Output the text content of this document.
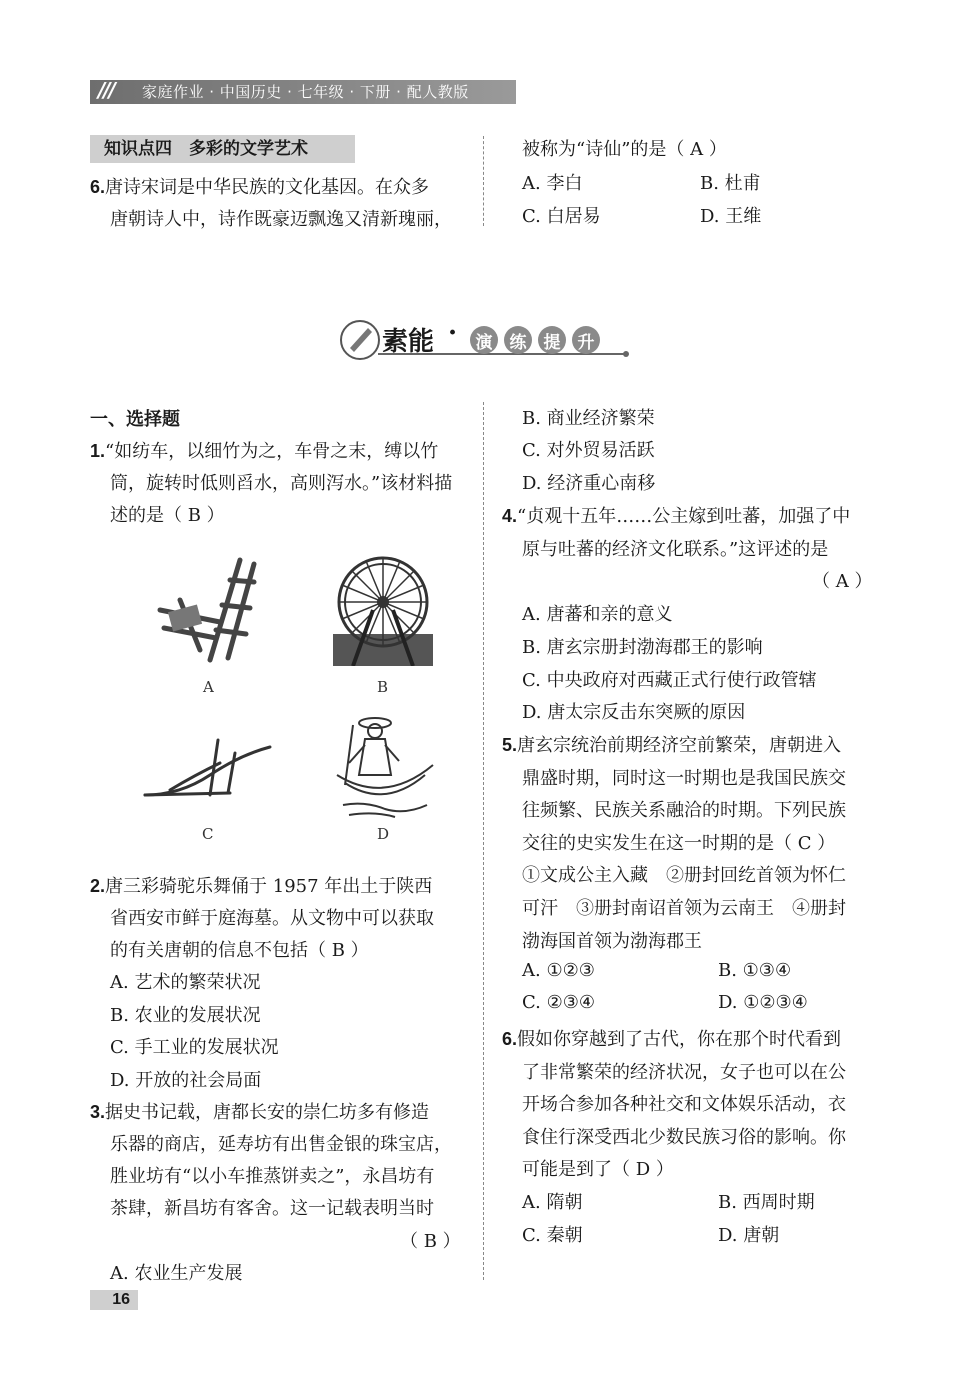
/// 家庭作业 · 中国历史 · 七年级 · 下册 · 配人教版
知识点四　多彩的文学艺术
6.唐诗宋词是中华民族的文化基因。在众多
唐朝诗人中，诗作既豪迈飘逸又清新瑰丽，
被称为“诗仙”的是（ A ）
A. 李白	B. 杜甫
C. 白居易	D. 王维
素能 · 演 练 提 升
一、选择题
1.“如纺车，以细竹为之，车骨之末，缚以竹
筒，旋转时低则舀水，高则泻水。”该材料描
述的是（ B ）
A	B
C	D
2.唐三彩骑驼乐舞俑于 1957 年出土于陕西
省西安市鲜于庭海墓。从文物中可以获取
的有关唐朝的信息不包括（ B ）
A. 艺术的繁荣状况
B. 农业的发展状况
C. 手工业的发展状况
D. 开放的社会局面
3.据史书记载，唐都长安的崇仁坊多有修造
乐器的商店，延寿坊有出售金银的珠宝店，
胜业坊有“以小车推蒸饼卖之”，永昌坊有
茶肆，新昌坊有客舍。这一记载表明当时
（ B ）
A. 农业生产发展
B. 商业经济繁荣
C. 对外贸易活跃
D. 经济重心南移
4.“贞观十五年……公主嫁到吐蕃，加强了中
原与吐蕃的经济文化联系。”这评述的是
（ A ）
A. 唐蕃和亲的意义
B. 唐玄宗册封渤海郡王的影响
C. 中央政府对西藏正式行使行政管辖
D. 唐太宗反击东突厥的原因
5.唐玄宗统治前期经济空前繁荣，唐朝进入
鼎盛时期，同时这一时期也是我国民族交
往频繁、民族关系融洽的时期。下列民族
交往的史实发生在这一时期的是（ C ）
①文成公主入藏　②册封回纥首领为怀仁
可汗　③册封南诏首领为云南王　④册封
渤海国首领为渤海郡王
A. ①②③	B. ①③④
C. ②③④	D. ①②③④
6.假如你穿越到了古代，你在那个时代看到
了非常繁荣的经济状况，女子也可以在公
开场合参加各种社交和文体娱乐活动，衣
食住行深受西北少数民族习俗的影响。你
可能是到了（ D ）
A. 隋朝	B. 西周时期
C. 秦朝	D. 唐朝
16
